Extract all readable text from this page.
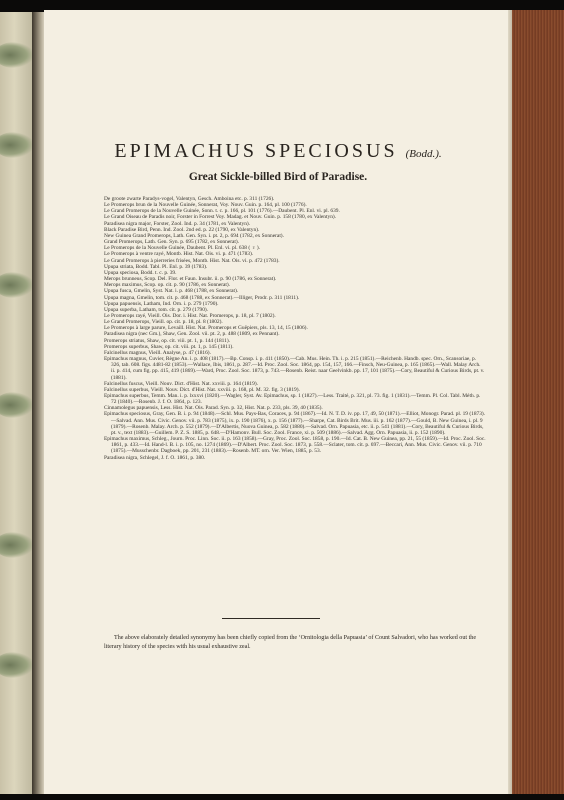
EPIMACHUS SPECIOSUS (Bodd.).
Great Sickle-billed Bird of Paradise.
De groote zwarte Paradys-vogel, Valentyn, Gesch. Amboina etc. p. 311 (1726).
Le Promerops brun de la Nouvelle Guinée, Sonnerat, Voy. Nouv. Guin. p. 164, pl. 100 (1776).
Le Grand Promerops de la Nouvelle Guinée, Sonn. t. c. p. 166, pl. 101 (1776).—Daubent. Pl. Enl. vi. pl. 639.
Le Grand Oiseau de Paradis noir, Forster in Forrest Voy. Madag. et Nouv. Guin. p. 158 (1780, ex Valentyn).
Paradisea nigra major, Forster, Zool. Ind. p. 34 (1781, ex Valentyn).
Black Paradise Bird, Penn. Ind. Zool. 2nd ed. p. 22 (1790, ex Valentyn).
New Guinea Grand Promerops, Lath. Gen. Syn. i. pt. 2, p. 694 (1782, ex Sonnerat).
Grand Promerops, Lath. Gen. Syn. p. 695 (1782, ex Sonnerat).
Le Promerops de la Nouvelle Guinée, Daubent. Pl. Enl. vi. pl. 638 ( ♀ ).
Le Promerops à ventre rayé, Montb. Hist. Nat. Ois. vi. p. 471 (1783).
Le Grand Promerops à pierreries frisées, Montb. Hist. Nat. Ois. vi. p. 472 (1783).
Upupa striata, Bodd. Tabl. Pl. Enl. p. 39 (1783).
Upupa speciosa, Bodd. t. c. p. 39.
Merops brunneus, Scop. Del. Flor. et Faun. Insubr. ii. p. 90 (1786, ex Sonnerat).
Merops maximus, Scop. op. cit. p. 90 (1786, ex Sonnerat).
Upupa fusca, Gmelin, Syst. Nat. i. p. 468 (1788, ex Sonnerat).
Upupa magna, Gmelin, tom. cit. p. 468 (1788, ex Sonnerat).—Illiger, Prodr. p. 311 (1811).
Upupa papuensis, Latham, Ind. Orn. i. p. 279 (1790).
Upupa superba, Latham, tom. cit. p. 279 (1790).
Le Promerops rayé, Vieill. Ois. Dor. i. Hist. Nat. Promerops, p. 18, pl. 7 (1802).
Le Grand Promerops, Vieill. op. cit. p. 18, pl. 8 (1802).
Le Promerops à large parure, Levaill. Hist. Nat. Promerops et Guêpiers, pls. 13, 14, 15 (1806).
Paradisea nigra (nec Gm.), Shaw, Gen. Zool. vii. pt. 2, p. 488 (1809, ex Pennant).
Promerops striatus, Shaw, op. cit. viii. pt. 1, p. 144 (1811).
Promerops superbus, Shaw, op. cit. viii. pt. 1, p. 145 (1811).
Falcinellus magnus, Vieill. Analyse, p. 47 (1816).
Epimachus magnus, Cuvier, Règne An. i. p. 408 (1817).—Bp. Consp. i. p. 411 (1850).—Cab. Mus. Hein. Th. i. p. 215 (1851).—Reichenb. Handb. spec. Orn., Scansoriae, p. 326, tab. 608. figs. 4481-82 (1853).—Wallace, Ibis, 1861, p. 287.—Id. Proc. Zool. Soc. 1864, pp. 154, 157, 166.—Finsch, Neu-Guinea, p. 165 (1865).—Wall. Malay Arch. ii. p. 414, cum fig. pp. 415, 419 (1869).—Ward, Proc. Zool. Soc. 1873, p. 743.—Rosenb. Reist. naar Geelvinkb. pp. 17, 101 (1875).—Cory, Beautiful & Curious Birds, pt. v. (1881).
Falcinellus fuscus, Vieill. Nouv. Dict. d'Hist. Nat. xxviii. p. 164 (1819).
Falcinellus superbus, Vieill. Nouv. Dict. d'Hist. Nat. xxviii. p. 168, pl. M. 32. fig. 3 (1819).
Epimachus superbus, Temm. Man. i. p. lxxxvi (1820).—Wagler, Syst. Av. Epimachus, sp. 1 (1827).—Less. Traité, p. 321, pl. 73. fig. 1 (1831).—Temm. Pl. Col. Tabl. Méth. p. 72 (1840).—Rosenb. J. f. O. 1864, p. 123.
Cinnamolegus papuensis, Less. Hist. Nat. Ois. Parad. Syn. p. 32, Hist. Nat. p. 233, pls. 39, 40 (1835).
Epimachus speciosus, Gray, Gen. B. i. p. 94 (1848).—Schl. Mus. Pays-Bas, Coraces, p. 94 (1867).—Id. N. T. D. iv. pp. 17, 49, 50 (1871).—Elliot, Monogr. Parad. pl. 19 (1873).—Salvad. Ann. Mus. Civic. Genov. vii. p. 783 (1875), ix. p. 190 (1876), x. p. 156 (1877).—Sharpe, Cat. Birds Brit. Mus. iii. p. 162 (1877).—Gould, B. New Guinea, i. pl. 9 (1879).—Rosenb. Malay. Arch. p. 552 (1879).—D'Albertis, Nuova Guinea, p. 582 (1880).—Salvad. Orn. Papuasia, etc. ii. p. 541 (1881).—Cory, Beautiful & Curious Birds, pt. v., text (1883).—Guillem. P. Z. S. 1885, p. 648.—D'Hamonv. Bull. Soc. Zool. France, xi. p. 509 (1886).—Salvad. Agg. Orn. Papuasia, ii. p. 152 (1890).
Epimachus maximus, Schleg., Journ. Proc. Linn. Soc. ii. p. 163 (1858).—Gray, Proc. Zool. Soc. 1858, p. 190.—Id. Cat. B. New Guinea, pp. 21, 55 (1859).—Id. Proc. Zool. Soc. 1861, p. 433.—Id. Hand-l. B. i. p. 105, no. 1274 (1869).—D'Albert. Proc. Zool. Soc. 1873, p. 558.—Sclater, tom. cit. p. 697.—Beccari, Ann. Mus. Civic. Genov. vii. p. 710 (1875).—Musschenbr. Dagboek, pp. 201, 231 (1883).—Rosenb. MT. orn. Ver. Wien, 1885, p. 53.
Paradisea nigra, Schlegel, J. f. O. 1861, p. 380.

The above elaborately detailed synonymy has been chiefly copied from the ‘Ornitologia della Papuasia’ of Count Salvadori, who has worked out the literary history of the species with his usual exhaustive zeal.
